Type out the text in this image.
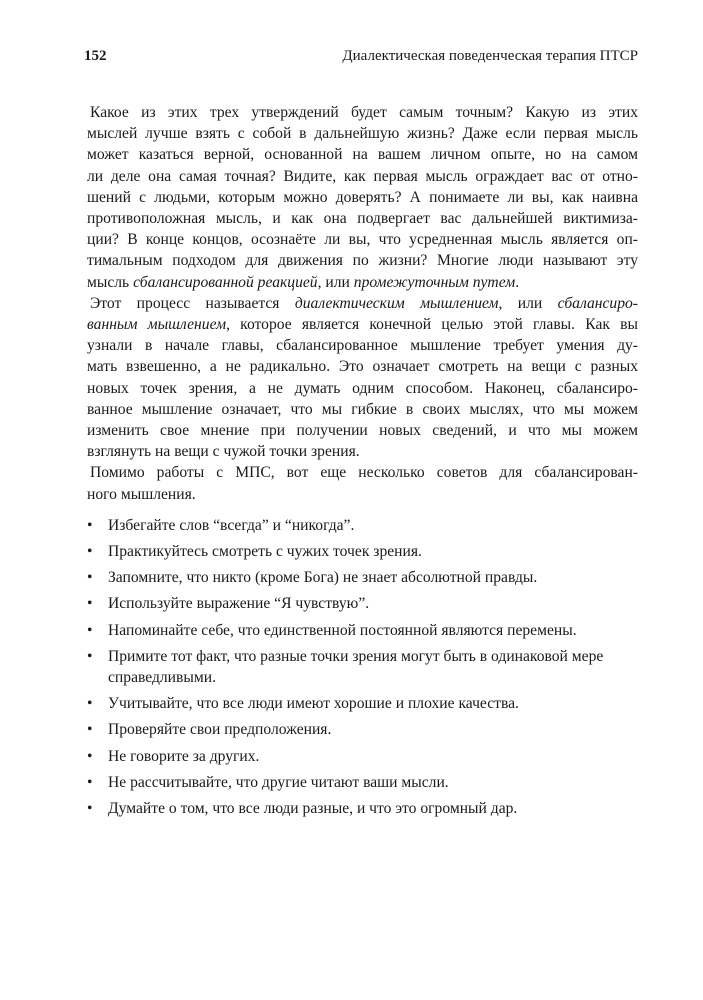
152	Диалектическая поведенческая терапия ПТСР

Какое из этих трех утверждений будет самым точным? Какую из этих
мыслей лучше взять с собой в дальнейшую жизнь? Даже если первая мысль
может казаться верной, основанной на вашем личном опыте, но на самом
ли деле она самая точная? Видите, как первая мысль ограждает вас от отно-
шений с людьми, которым можно доверять? А понимаете ли вы, как наивна
противоположная мысль, и как она подвергает вас дальнейшей виктимиза-
ции? В конце концов, осознаёте ли вы, что усредненная мысль является оп-
тимальным подходом для движения по жизни? Многие люди называют эту
мысль сбалансированной реакцией, или промежуточным путем.

Этот процесс называется диалектическим мышлением, или сбалансиро-
ванным мышлением, которое является конечной целью этой главы. Как вы
узнали в начале главы, сбалансированное мышление требует умения ду-
мать взвешенно, а не радикально. Это означает смотреть на вещи с разных
новых точек зрения, а не думать одним способом. Наконец, сбалансиро-
ванное мышление означает, что мы гибкие в своих мыслях, что мы можем
изменить свое мнение при получении новых сведений, и что мы можем
взглянуть на вещи с чужой точки зрения.

Помимо работы с МПС, вот еще несколько советов для сбалансирован-
ного мышления.

• Избегайте слов “всегда” и “никогда”.
• Практикуйтесь смотреть с чужих точек зрения.
• Запомните, что никто (кроме Бога) не знает абсолютной правды.
• Используйте выражение “Я чувствую”.
• Напоминайте себе, что единственной постоянной являются перемены.
• Примите тот факт, что разные точки зрения могут быть в одинаковой мере справедливыми.
• Учитывайте, что все люди имеют хорошие и плохие качества.
• Проверяйте свои предположения.
• Не говорите за других.
• Не рассчитывайте, что другие читают ваши мысли.
• Думайте о том, что все люди разные, и что это огромный дар.
